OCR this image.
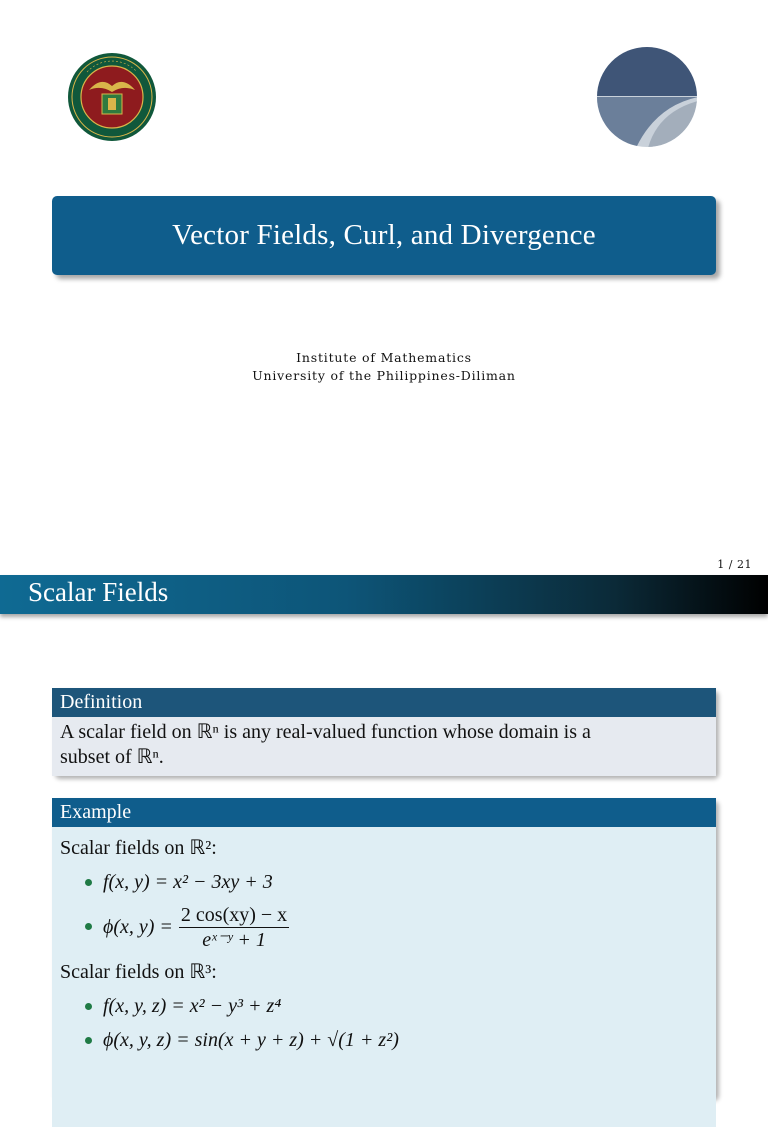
Vector Fields, Curl, and Divergence
Institute of Mathematics
University of the Philippines-Diliman
1 / 21
Scalar Fields
Definition
A scalar field on ℝⁿ is any real-valued function whose domain is a
subset of ℝⁿ.
Example
Scalar fields on ℝ²:
f(x, y) = x² − 3xy + 3
ϕ(x, $y) = \frac{2 \cos(xy) - x}{\text{eˣ⁻ʸ + 1}}$
Scalar fields on ℝ³:
f(x, y, z) = x² − y³ + z⁴
ϕ(x, y, z) = sin(x + y + z) + √(1 + z²)
